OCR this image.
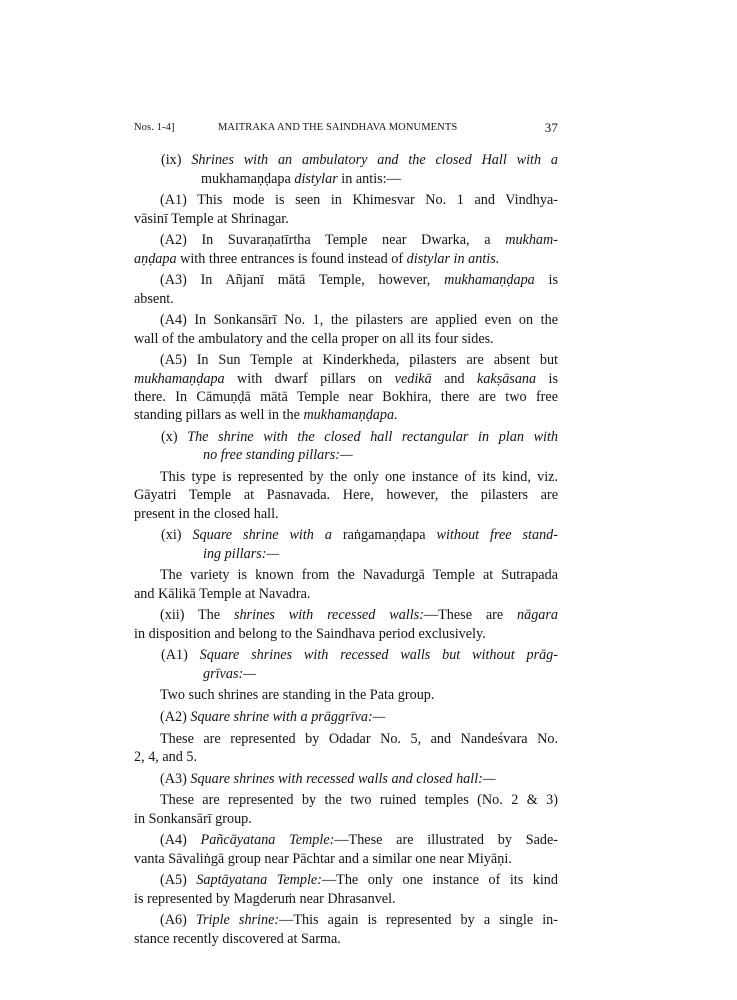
Nos. 1-4]	MAITRAKA AND THE SAINDHAVA MONUMENTS	37

(ix) Shrines with an ambulatory and the closed Hall with a
mukhamaṇḍapa distylar in antis:—

(A1) This mode is seen in Khimesvar No. 1 and Vindhya-
vāsinī Temple at Shrinagar.

(A2) In Suvaraṇatīrtha Temple near Dwarka, a mukham-
aṇḍapa with three entrances is found instead of distylar in antis.

(A3) In Añjanī mātā Temple, however, mukhamaṇḍapa is
absent.

(A4) In Sonkansārī No. 1, the pilasters are applied even on the
wall of the ambulatory and the cella proper on all its four sides.

(A5) In Sun Temple at Kinderkheda, pilasters are absent but
mukhamaṇḍapa with dwarf pillars on vedikā and kakṣāsana is
there. In Cāmuṇḍā mātā Temple near Bokhira, there are two free
standing pillars as well in the mukhamaṇḍapa.

(x) The shrine with the closed hall rectangular in plan with
no free standing pillars:—

This type is represented by the only one instance of its kind, viz.
Gāyatri Temple at Pasnavada. Here, however, the pilasters are
present in the closed hall.

(xi) Square shrine with a raṅgamaṇḍapa without free stand-
ing pillars:—

The variety is known from the Navadurgā Temple at Sutrapada
and Kālikā Temple at Navadra.

(xii) The shrines with recessed walls:—These are nāgara
in disposition and belong to the Saindhava period exclusively.

(A1) Square shrines with recessed walls but without prāg-
grīvas:—

Two such shrines are standing in the Pata group.

(A2) Square shrine with a prāggrīva:—

These are represented by Odadar No. 5, and Nandeśvara No.
2, 4, and 5.

(A3) Square shrines with recessed walls and closed hall:—

These are represented by the two ruined temples (No. 2 & 3)
in Sonkansārī group.

(A4) Pañcāyatana Temple:—These are illustrated by Sade-
vanta Sāvaliṅgā group near Pāchtar and a similar one near Miyāṇi.

(A5) Saptāyatana Temple:—The only one instance of its kind
is represented by Magderuṁ near Dhrasanvel.

(A6) Triple shrine:—This again is represented by a single in-
stance recently discovered at Sarma.
